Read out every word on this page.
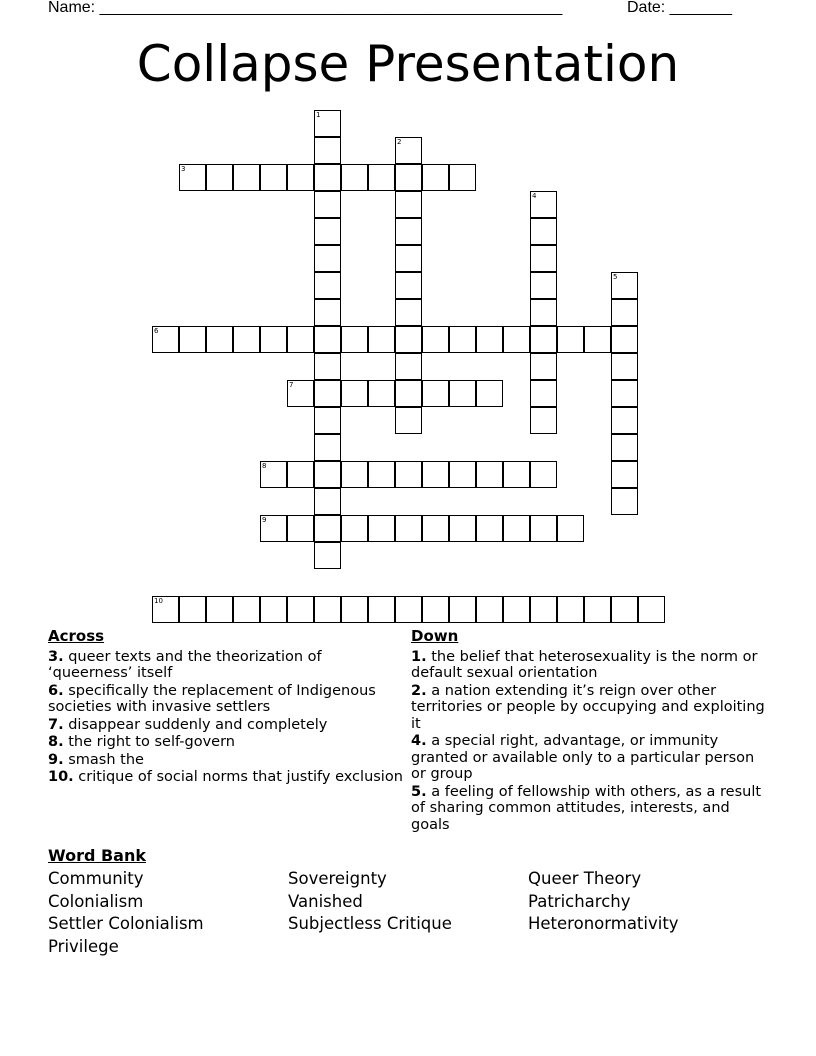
Name: ____________________________________________________	Date: _______
Collapse Presentation
1
2
3
4
5
6
7
8
9
10
Across
3. queer texts and the theorization of ‘queerness’ itself
6. specifically the replacement of Indigenous societies with invasive settlers
7. disappear suddenly and completely
8. the right to self-govern
9. smash the
10. critique of social norms that justify exclusion
Down
1. the belief that heterosexuality is the norm or default sexual orientation
2. a nation extending it’s reign over other territories or people by occupying and exploiting it
4. a special right, advantage, or immunity granted or available only to a particular person or group
5. a feeling of fellowship with others, as a result of sharing common attitudes, interests, and goals
Word Bank
Community	Sovereignty	Queer Theory
Colonialism	Vanished	Patricharchy
Settler Colonialism	Subjectless Critique	Heteronormativity
Privilege
